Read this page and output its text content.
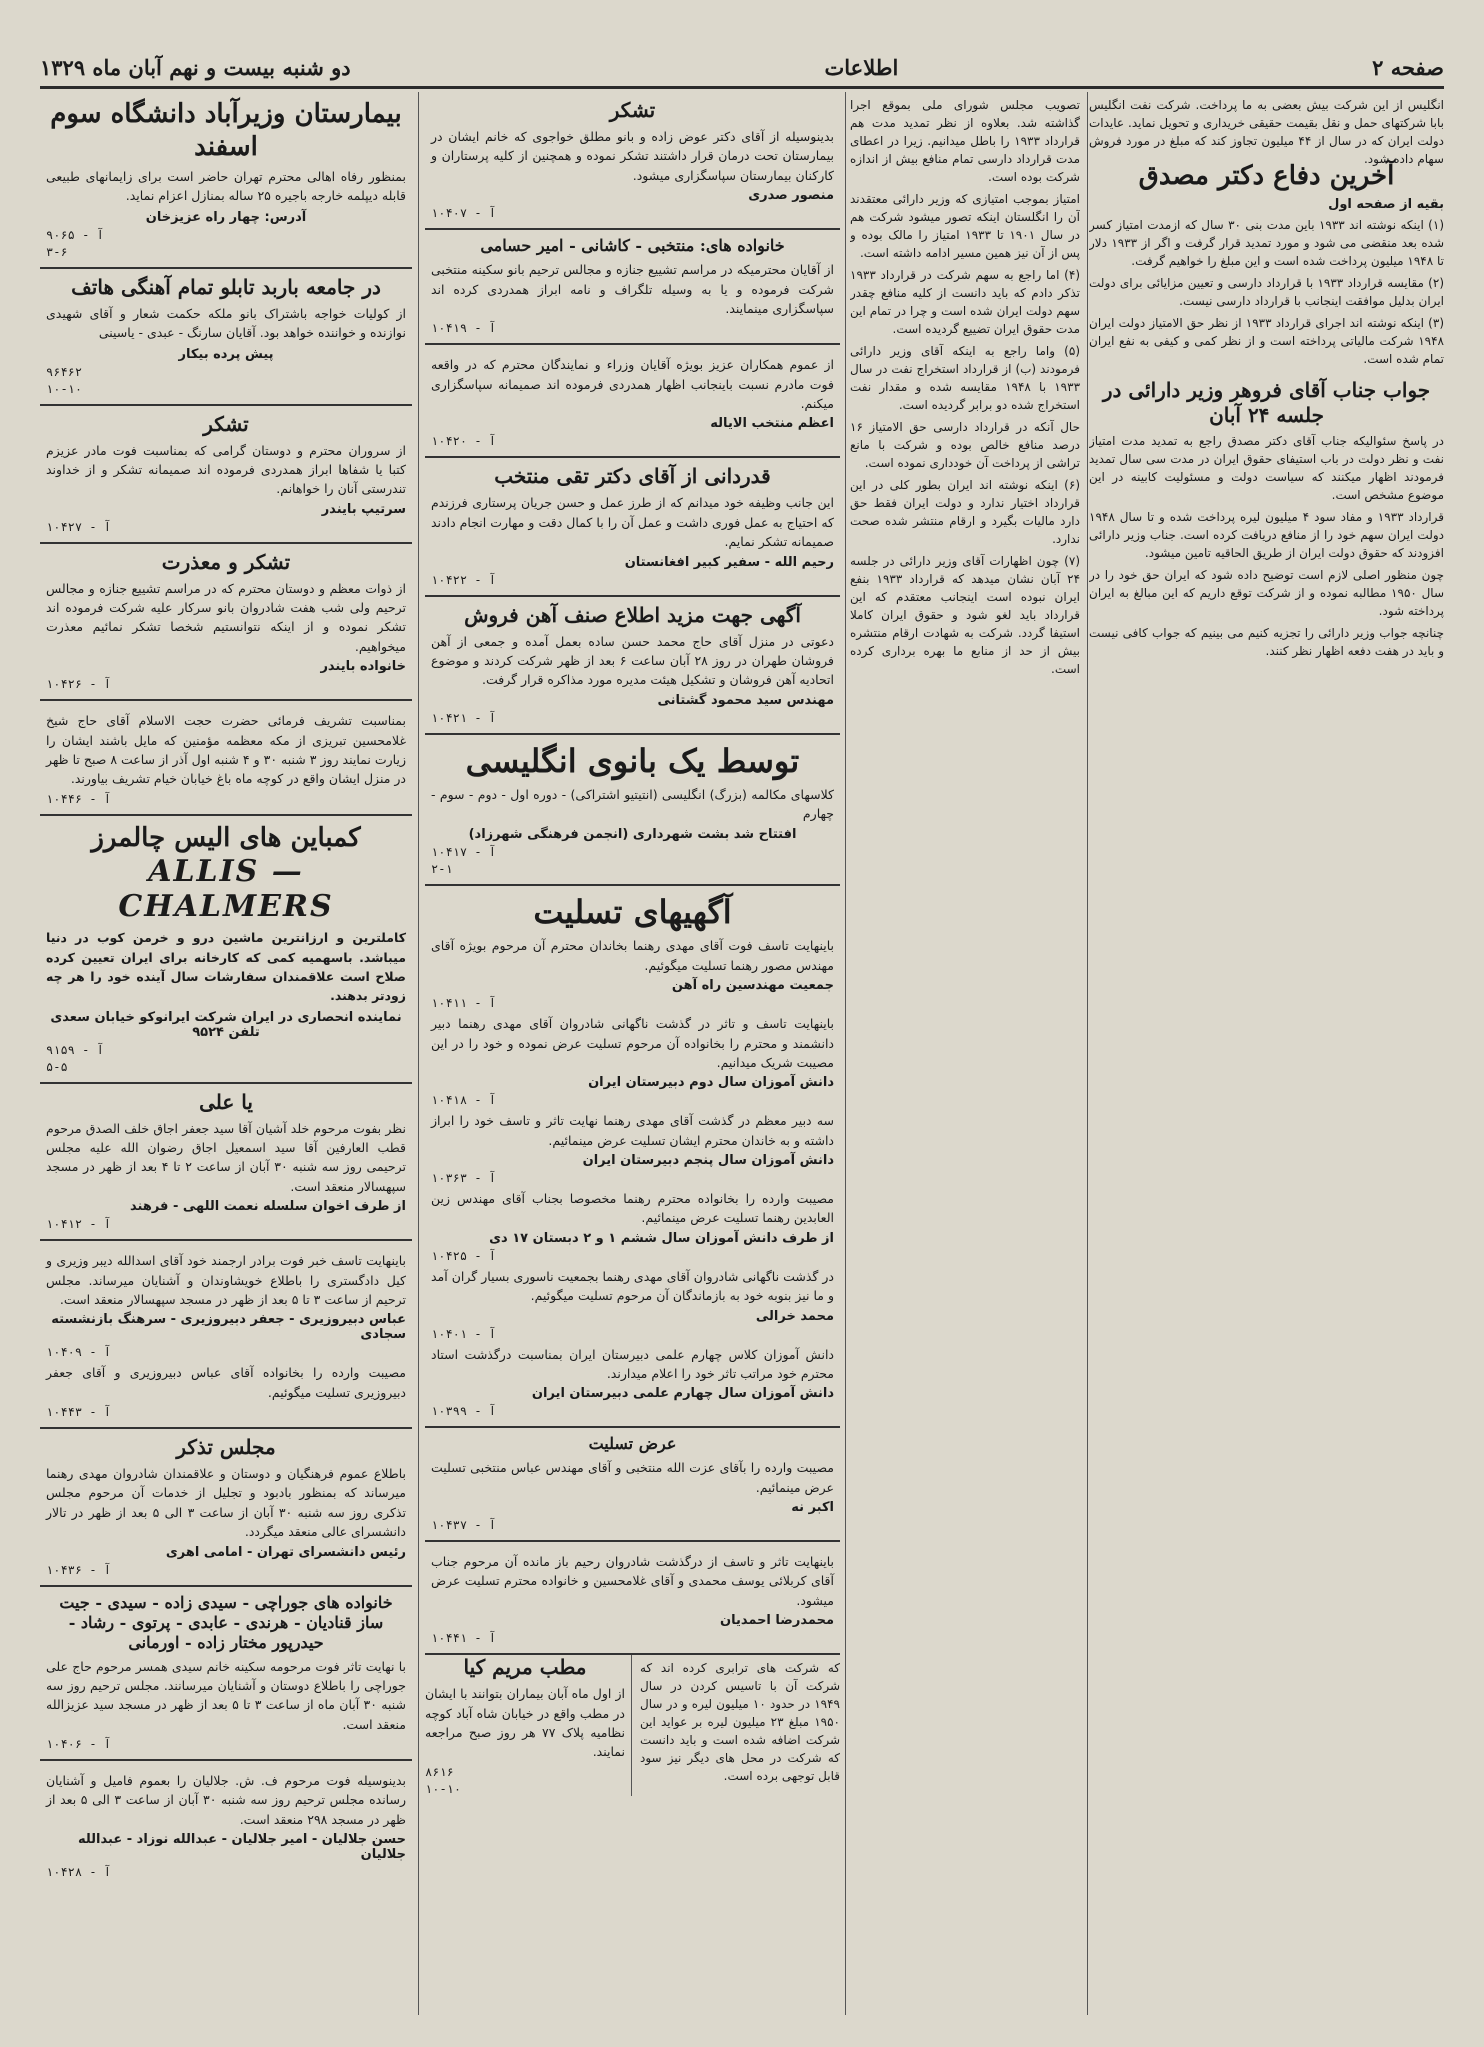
صفحه ۲
اطلاعات
دو شنبه بیست و نهم آبان ماه ۱۳۲۹
انگلیس از این شرکت بیش بعضی به ما پرداخت. شرکت نفت انگلیس بابا شرکتهای حمل و نقل بقیمت حقیقی خریداری و تحویل نماید. عایدات دولت ایران که در سال از ۴۴ میلیون تجاوز کند که مبلغ در مورد فروش سهام داده شود.
آخرین دفاع دکتر مصدق
بقیه از صفحه اول
(۱) اینکه نوشته اند ۱۹۳۳ باین مدت بنی ۳۰ سال که ازمدت امتیاز کسر شده بعد منقضی می شود و مورد تمدید قرار گرفت و اگر از ۱۹۳۳ دلار تا ۱۹۴۸ میلیون پرداخت شده است و این مبلغ را خواهیم گرفت.
(۲) مقایسه قرارداد ۱۹۳۳ با قرارداد دارسی و تعیین مزایائی برای دولت ایران بدلیل موافقت اینجانب با قرارداد دارسی نیست.
(۳) اینکه نوشته اند اجرای قرارداد ۱۹۳۳ از نظر حق الامتیاز دولت ایران ۱۹۴۸ شرکت مالیاتی پرداخته است و از نظر کمی و کیفی به نفع ایران تمام شده است.
جواب جناب آقای فروهر وزیر دارائی در جلسه ۲۴ آبان
در پاسخ سئوالیکه جناب آقای دکتر مصدق راجع به تمدید مدت امتیاز نفت و نظر دولت در باب استیفای حقوق ایران در مدت سی سال تمدید فرمودند اظهار میکنند که سیاست دولت و مسئولیت کابینه در این موضوع مشخص است.
قرارداد ۱۹۳۳ و مفاد سود ۴ میلیون لیره پرداخت شده و تا سال ۱۹۴۸ دولت ایران سهم خود را از منافع دریافت کرده است. جناب وزیر دارائی افزودند که حقوق دولت ایران از طریق الحاقیه تامین میشود.
چون منظور اصلی لازم است توضیح داده شود که ایران حق خود را در سال ۱۹۵۰ مطالبه نموده و از شرکت توقع داریم که این مبالغ به ایران پرداخته شود.
چنانچه جواب وزیر دارائی را تجزیه کنیم می بینیم که جواب کافی نیست و باید در هفت دفعه اظهار نظر کنند.
تصویب مجلس شورای ملی بموقع اجرا گذاشته شد. بعلاوه از نظر تمدید مدت هم قرارداد ۱۹۳۳ را باطل میدانیم. زیرا در اعطای مدت قرارداد دارسی تمام منافع بیش از اندازه شرکت بوده است.
امتیاز بموجب امتیازی که وزیر دارائی معتقدند آن را انگلستان اینکه تصور میشود شرکت هم در سال ۱۹۰۱ تا ۱۹۳۳ امتیاز را مالک بوده و پس از آن نیز همین مسیر ادامه داشته است.
(۴) اما راجع به سهم شرکت در قرارداد ۱۹۳۳ تذکر دادم که باید دانست از کلیه منافع چقدر سهم دولت ایران شده است و چرا در تمام این مدت حقوق ایران تضییع گردیده است.
(۵) واما راجع به اینکه آقای وزیر دارائی فرمودند (ب) از قرارداد استخراج نفت در سال ۱۹۳۳ با ۱۹۴۸ مقایسه شده و مقدار نفت استخراج شده دو برابر گردیده است.
حال آنکه در قرارداد دارسی حق الامتیاز ۱۶ درصد منافع خالص بوده و شرکت با مانع تراشی از پرداخت آن خودداری نموده است.
(۶) اینکه نوشته اند ایران بطور کلی در این قرارداد اختیار ندارد و دولت ایران فقط حق دارد مالیات بگیرد و ارقام منتشر شده صحت ندارد.
(۷) چون اظهارات آقای وزیر دارائی در جلسه ۲۴ آبان نشان میدهد که قرارداد ۱۹۳۳ بنفع ایران نبوده است اینجانب معتقدم که این قرارداد باید لغو شود و حقوق ایران کاملا استیفا گردد. شرکت به شهادت ارقام منتشره بیش از حد از منابع ما بهره برداری کرده است.
تشکر
بدینوسیله از آقای دکتر عوض زاده و بانو مطلق خواجوی که خانم ایشان در بیمارستان تحت درمان قرار داشتند تشکر نموده و همچنین از کلیه پرستاران و کارکنان بیمارستان سپاسگزاری میشود.
منصور صدری
آ - ۱۰۴۰۷
خانواده های: منتخبی - کاشانی - امیر حسامی
از آقایان محترمیکه در مراسم تشییع جنازه و مجالس ترحیم بانو سکینه منتخبی شرکت فرموده و یا به وسیله تلگراف و نامه ابراز همدردی کرده اند سپاسگزاری مینمایند.
آ - ۱۰۴۱۹
از عموم همکاران عزیز بویژه آقایان وزراء و نمایندگان محترم که در واقعه فوت مادرم نسبت باینجانب اظهار همدردی فرموده اند صمیمانه سپاسگزاری میکنم.
اعظم منتخب الایاله
آ - ۱۰۴۲۰
قدردانی از آقای دکتر تقی منتخب
این جانب وظیفه خود میدانم که از طرز عمل و حسن جریان پرستاری فرزندم که احتیاج به عمل فوری داشت و عمل آن را با کمال دقت و مهارت انجام دادند صمیمانه تشکر نمایم.
رحیم الله - سفیر کبیر افغانستان
آ - ۱۰۴۲۲
آگهی جهت مزید اطلاع صنف آهن فروش
دعوتی در منزل آقای حاج محمد حسن ساده بعمل آمده و جمعی از آهن فروشان طهران در روز ۲۸ آبان ساعت ۶ بعد از ظهر شرکت کردند و موضوع اتحادیه آهن فروشان و تشکیل هیئت مدیره مورد مذاکره قرار گرفت.
مهندس سید محمود گشتانی
آ - ۱۰۴۲۱
توسط یک بانوی انگلیسی
کلاسهای مکالمه (بزرگ) انگلیسی (انتیتیو اشتراکی) - دوره اول - دوم - سوم - چهارم
افتتاح شد بشت شهرداری (انجمن فرهنگی شهرزاد)
آ - ۱۰۴۱۷
۲-۱
آگهیهای تسلیت
باینهایت تاسف فوت آقای مهدی رهنما بخاندان محترم آن مرحوم بویژه آقای مهندس مصور رهنما تسلیت میگوئیم.
جمعیت مهندسین راه آهن
آ - ۱۰۴۱۱
باینهایت تاسف و تاثر در گذشت ناگهانی شادروان آقای مهدی رهنما دبیر دانشمند و محترم را بخانواده آن مرحوم تسلیت عرض نموده و خود را در این مصیبت شریک میدانیم.
دانش آموزان سال دوم دبیرستان ایران
آ - ۱۰۴۱۸
سه دبیر معظم در گذشت آقای مهدی رهنما نهایت تاثر و تاسف خود را ابراز داشته و به خاندان محترم ایشان تسلیت عرض مینمائیم.
دانش آموزان سال پنجم دبیرستان ایران
آ - ۱۰۳۶۳
مصیبت وارده را بخانواده محترم رهنما مخصوصا بجناب آقای مهندس زین العابدین رهنما تسلیت عرض مینمائیم.
از طرف دانش آموزان سال ششم ۱ و ۲ دبستان ۱۷ دی
آ - ۱۰۴۲۵
در گذشت ناگهانی شادروان آقای مهدی رهنما بجمعیت ناسوری بسیار گران آمد و ما نیز بنوبه خود به بازماندگان آن مرحوم تسلیت میگوئیم.
محمد خرالی
آ - ۱۰۴۰۱
دانش آموزان کلاس چهارم علمی دبیرستان ایران بمناسبت درگذشت استاد محترم خود مراتب تاثر خود را اعلام میدارند.
دانش آموزان سال چهارم علمی دبیرستان ایران
آ - ۱۰۳۹۹
عرض تسلیت
مصیبت وارده را بآقای عزت الله منتخبی و آقای مهندس عباس منتخبی تسلیت عرض مینمائیم.
اکبر نه
آ - ۱۰۴۳۷
باینهایت تاثر و تاسف از درگذشت شادروان رحیم باز مانده آن مرحوم جناب آقای کربلائی یوسف محمدی و آقای غلامحسین و خانواده محترم تسلیت عرض میشود.
محمدرضا احمدیان
آ - ۱۰۴۴۱
که شرکت های ترابری کرده اند که شرکت آن با تاسیس کردن در سال ۱۹۴۹ در حدود ۱۰ میلیون لیره و در سال ۱۹۵۰ مبلغ ۲۳ میلیون لیره بر عواید این شرکت اضافه شده است و باید دانست که شرکت در محل های دیگر نیز سود قابل توجهی برده است.
مطب مریم کیا
از اول ماه آبان بیماران بتوانند با ایشان در مطب واقع در خیابان شاه آباد کوچه نظامیه پلاک ۷۷ هر روز صبح مراجعه نمایند.
۸۶۱۶
۱۰-۱۰
بیمارستان وزیرآباد دانشگاه سوم اسفند
بمنظور رفاه اهالی محترم تهران حاضر است برای زایمانهای طبیعی قابله دیپلمه خارجه باجیره ۲۵ ساله بمنازل اعزام نماید.
آدرس: چهار راه عزیزخان
آ - ۹۰۶۵
۳-۶
در جامعه باربد تابلو تمام آهنگی هاتف
از کولیات خواجه باشتراک بانو ملکه حکمت شعار و آقای شهیدی نوازنده و خواننده خواهد بود. آقایان سارنگ - عبدی - یاسینی
پیش پرده بیکار
۹۶۴۶۲
۱۰-۱۰
تشکر
از سروران محترم و دوستان گرامی که بمناسبت فوت مادر عزیزم کتبا یا شفاها ابراز همدردی فرموده اند صمیمانه تشکر و از خداوند تندرستی آنان را خواهانم.
سرتیپ بایندر
آ - ۱۰۴۲۷
تشکر و معذرت
از ذوات معظم و دوستان محترم که در مراسم تشییع جنازه و مجالس ترحیم ولی شب هفت شادروان بانو سرکار علیه شرکت فرموده اند تشکر نموده و از اینکه نتوانستیم شخصا تشکر نمائیم معذرت میخواهیم.
خانواده بایندر
آ - ۱۰۴۲۶
بمناسبت تشریف فرمائی حضرت حجت الاسلام آقای حاج شیخ غلامحسین تبریزی از مکه معظمه مؤمنین که مایل باشند ایشان را زیارت نمایند روز ۳ شنبه ۳۰ و ۴ شنبه اول آذر از ساعت ۸ صبح تا ظهر در منزل ایشان واقع در کوچه ماه باغ خیابان خیام تشریف بیاورند.
آ - ۱۰۴۴۶
کمباین های الیس چالمرز
ALLIS — CHALMERS
کاملترین و ارزانترین ماشین درو و خرمن کوب در دنیا میباشد. باسهمیه کمی که کارخانه برای ایران تعیین کرده صلاح است علاقمندان سفارشات سال آینده خود را هر چه زودتر بدهند.
نماینده انحصاری در ایران شرکت ایرانوکو خیابان سعدی تلفن ۹۵۲۴
آ - ۹۱۵۹
۵-۵
یا علی
نظر بفوت مرحوم خلد آشیان آقا سید جعفر اجاق خلف الصدق مرحوم قطب العارفین آقا سید اسمعیل اجاق رضوان الله علیه مجلس ترحیمی روز سه شنبه ۳۰ آبان از ساعت ۲ تا ۴ بعد از ظهر در مسجد سپهسالار منعقد است.
از طرف اخوان سلسله نعمت اللهی - فرهند
آ - ۱۰۴۱۲
باینهایت تاسف خبر فوت برادر ارجمند خود آقای اسدالله دیبر وزیری و کیل دادگستری را باطلاع خویشاوندان و آشنایان میرساند. مجلس ترحیم از ساعت ۳ تا ۵ بعد از ظهر در مسجد سپهسالار منعقد است.
عباس دبیروزیری - جعفر دبیروزیری - سرهنگ بازنشسته سجادی
آ - ۱۰۴۰۹
مصیبت وارده را بخانواده آقای عباس دبیروزیری و آقای جعفر دبیروزیری تسلیت میگوئیم.
آ - ۱۰۴۴۳
مجلس تذکر
باطلاع عموم فرهنگیان و دوستان و علاقمندان شادروان مهدی رهنما میرساند که بمنظور بادبود و تجلیل از خدمات آن مرحوم مجلس تذکری روز سه شنبه ۳۰ آبان از ساعت ۳ الی ۵ بعد از ظهر در تالار دانشسرای عالی منعقد میگردد.
رئیس دانشسرای تهران - امامی اهری
آ - ۱۰۴۳۶
خانواده های جوراچی - سیدی زاده - سیدی - جیت ساز قنادیان - هرندی - عابدی - پرتوی - رشاد - حیدرپور مختار زاده - اورمانی
با نهایت تاثر فوت مرحومه سکینه خانم سیدی همسر مرحوم حاج علی جوراچی را باطلاع دوستان و آشنایان میرسانند. مجلس ترحیم روز سه شنبه ۳۰ آبان ماه از ساعت ۳ تا ۵ بعد از ظهر در مسجد سید عزیزالله منعقد است.
آ - ۱۰۴۰۶
بدینوسیله فوت مرحوم ف. ش. جلالیان را بعموم فامیل و آشنایان رسانده مجلس ترحیم روز سه شنبه ۳۰ آبان از ساعت ۳ الی ۵ بعد از ظهر در مسجد ۲۹۸ منعقد است.
حسن جلالیان - امیر جلالیان - عبدالله نوزاد - عبدالله جلالیان
آ - ۱۰۴۲۸
